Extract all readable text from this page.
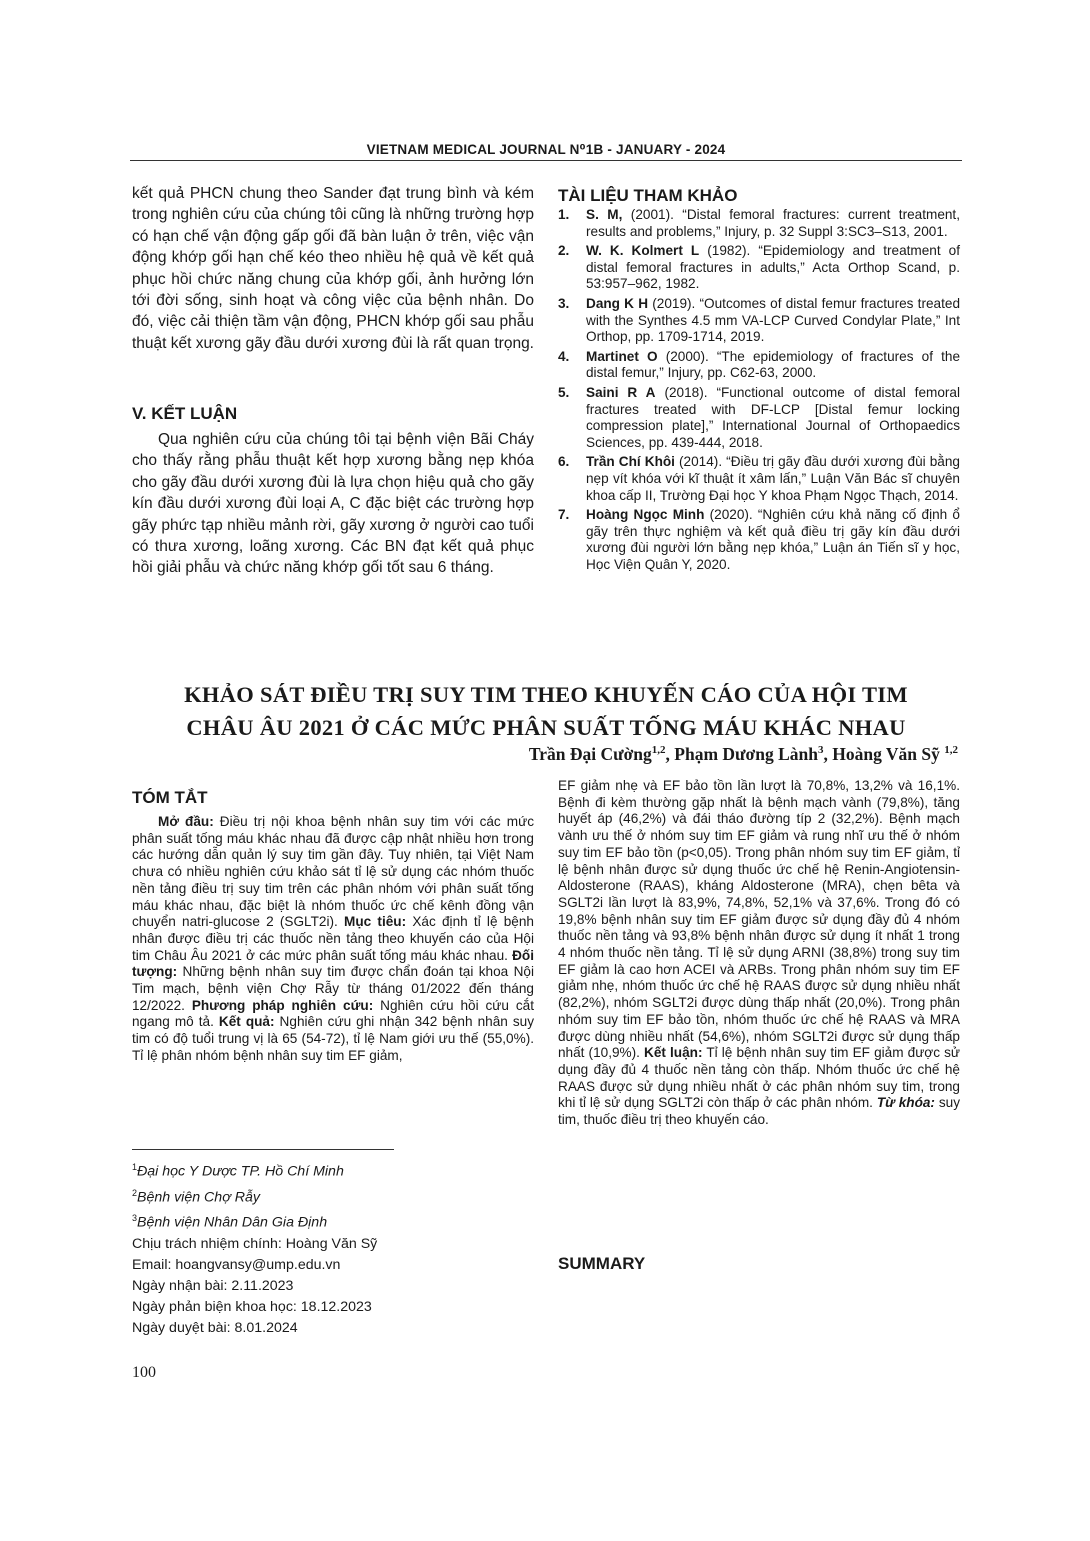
VIETNAM MEDICAL JOURNAL N⁰1B - JANUARY - 2024

kết quả PHCN chung theo Sander đạt trung bình và kém trong nghiên cứu của chúng tôi cũng là những trường hợp có hạn chế vận động gấp gối đã bàn luận ở trên, việc vận động khớp gối hạn chế kéo theo nhiều hệ quả về kết quả phục hồi chức năng chung của khớp gối, ảnh hưởng lớn tới đời sống, sinh hoạt và công việc của bệnh nhân. Do đó, việc cải thiện tầm vận động, PHCN khớp gối sau phẫu thuật kết xương gãy đầu dưới xương đùi là rất quan trọng.

V. KẾT LUẬN

Qua nghiên cứu của chúng tôi tại bệnh viện Bãi Cháy cho thấy rằng phẫu thuật kết hợp xương bằng nẹp khóa cho gãy đầu dưới xương đùi là lựa chọn hiệu quả cho gãy kín đầu dưới xương đùi loại A, C đặc biệt các trường hợp gãy phức tạp nhiều mảnh rời, gãy xương ở người cao tuổi có thưa xương, loãng xương. Các BN đạt kết quả phục hồi giải phẫu và chức năng khớp gối tốt sau 6 tháng.

TÀI LIỆU THAM KHẢO
1.	S. M, (2001). “Distal femoral fractures: current treatment, results and problems,” Injury, p. 32 Suppl 3:SC3–S13, 2001.
2.	W. K. Kolmert L (1982). “Epidemiology and treatment of distal femoral fractures in adults,” Acta Orthop Scand, p. 53:957–962, 1982.
3.	Dang K H (2019). “Outcomes of distal femur fractures treated with the Synthes 4.5 mm VA-LCP Curved Condylar Plate,” Int Orthop, pp. 1709-1714, 2019.
4.	Martinet O (2000). “The epidemiology of fractures of the distal femur,” Injury, pp. C62-63, 2000.
5.	Saini R A (2018). “Functional outcome of distal femoral fractures treated with DF-LCP [Distal femur locking compression plate],” International Journal of Orthopaedics Sciences, pp. 439-444, 2018.
6.	Trần Chí Khôi (2014). “Điều trị gãy đầu dưới xương đùi bằng nẹp vít khóa với kĩ thuật ít xâm lấn,” Luận Văn Bác sĩ chuyên khoa cấp II, Trường Đại học Y khoa Phạm Ngọc Thạch, 2014.
7.	Hoàng Ngọc Minh (2020). “Nghiên cứu khả năng cố định ổ gãy trên thực nghiệm và kết quả điều trị gãy kín đầu dưới xương đùi người lớn bằng nẹp khóa,” Luận án Tiến sĩ y học, Học Viện Quân Y, 2020.
KHẢO SÁT ĐIỀU TRỊ SUY TIM THEO KHUYẾN CÁO CỦA HỘI TIM
CHÂU ÂU 2021 Ở CÁC MỨC PHÂN SUẤT TỐNG MÁU KHÁC NHAU
Trần Đại Cường$^{1,2}$, Phạm Dương Lành$^3$, Hoàng Văn Sỹ $^{1,2}$
TÓM TẮT

Mở đầu: Điều trị nội khoa bệnh nhân suy tim với các mức phân suất tống máu khác nhau đã được cập nhật nhiều hơn trong các hướng dẫn quản lý suy tim gần đây. Tuy nhiên, tại Việt Nam chưa có nhiều nghiên cứu khảo sát tỉ lệ sử dụng các nhóm thuốc nền tảng điều trị suy tim trên các phân nhóm với phân suất tống máu khác nhau, đặc biệt là nhóm thuốc ức chế kênh đồng vận chuyển natri-glucose 2 (SGLT2i). Mục tiêu: Xác định tỉ lệ bệnh nhân được điều trị các thuốc nền tảng theo khuyến cáo của Hội tim Châu Âu 2021 ở các mức phân suất tống máu khác nhau. Đối tượng: Những bệnh nhân suy tim được chẩn đoán tại khoa Nội Tim mạch, bệnh viện Chợ Rẫy từ tháng 01/2022 đến tháng 12/2022. Phương pháp nghiên cứu: Nghiên cứu hồi cứu cắt ngang mô tả. Kết quả: Nghiên cứu ghi nhận 342 bệnh nhân suy tim có độ tuổi trung vị là 65 (54-72), tỉ lệ Nam giới ưu thế (55,0%). Tỉ lệ phân nhóm bệnh nhân suy tim EF giảm,

EF giảm nhẹ và EF bảo tồn lần lượt là 70,8%, 13,2% và 16,1%. Bệnh đi kèm thường gặp nhất là bệnh mạch vành (79,8%), tăng huyết áp (46,2%) và đái tháo đường típ 2 (32,2%). Bệnh mạch vành ưu thế ở nhóm suy tim EF giảm và rung nhĩ ưu thế ở nhóm suy tim EF bảo tồn (p<0,05). Trong phân nhóm suy tim EF giảm, tỉ lệ bệnh nhân được sử dụng thuốc ức chế hệ Renin-Angiotensin-Aldosterone (RAAS), kháng Aldosterone (MRA), chẹn bêta và SGLT2i lần lượt là 83,9%, 74,8%, 52,1% và 37,6%. Trong đó có 19,8% bệnh nhân suy tim EF giảm được sử dụng đầy đủ 4 nhóm thuốc nền tảng và 93,8% bệnh nhân được sử dụng ít nhất 1 trong 4 nhóm thuốc nền tảng. Tỉ lệ sử dụng ARNI (38,8%) trong suy tim EF giảm là cao hơn ACEI và ARBs. Trong phân nhóm suy tim EF giảm nhẹ, nhóm thuốc ức chế hệ RAAS được sử dụng nhiều nhất (82,2%), nhóm SGLT2i được dùng thấp nhất (20,0%). Trong phân nhóm suy tim EF bảo tồn, nhóm thuốc ức chế hệ RAAS và MRA được dùng nhiều nhất (54,6%), nhóm SGLT2i được sử dụng thấp nhất (10,9%). Kết luận: Tỉ lệ bệnh nhân suy tim EF giảm được sử dụng đầy đủ 4 thuốc nền tảng còn thấp. Nhóm thuốc ức chế hệ RAAS được sử dụng nhiều nhất ở các phân nhóm suy tim, trong khi tỉ lệ sử dụng SGLT2i còn thấp ở các phân nhóm. Từ khóa: suy tim, thuốc điều trị theo khuyến cáo.

$^1$Đại học Y Dược TP. Hồ Chí Minh
$^2$Bệnh viện Chợ Rẫy
$^3$Bệnh viện Nhân Dân Gia Định
Chịu trách nhiệm chính: Hoàng Văn Sỹ
Email: hoangvansy@ump.edu.vn
Ngày nhận bài: 2.11.2023
Ngày phản biện khoa học: 18.12.2023
Ngày duyệt bài: 8.01.2024
SUMMARY
100
